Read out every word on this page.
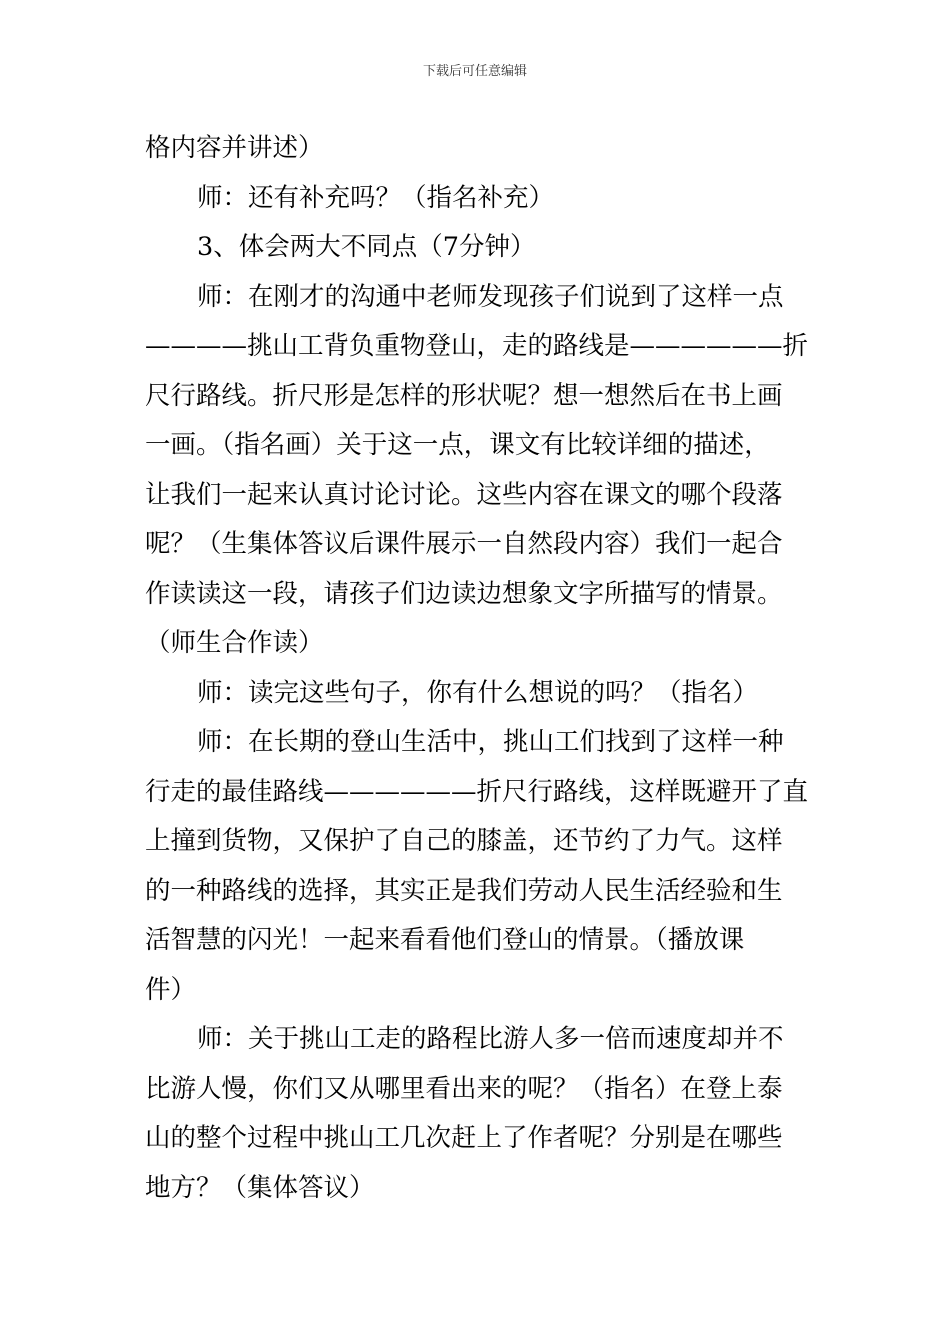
下载后可任意编辑
格内容并讲述）
师：还有补充吗？（指名补充）
3、体会两大不同点（7分钟）
师：在刚才的沟通中老师发现孩子们说到了这样一点
————挑山工背负重物登山，走的路线是——————折
尺行路线。折尺形是怎样的形状呢？想一想然后在书上画
一画。（指名画）关于这一点，课文有比较详细的描述，
让我们一起来认真讨论讨论。这些内容在课文的哪个段落
呢？（生集体答议后课件展示一自然段内容）我们一起合
作读读这一段，请孩子们边读边想象文字所描写的情景。
（师生合作读）
师：读完这些句子，你有什么想说的吗？（指名）
师：在长期的登山生活中，挑山工们找到了这样一种
行走的最佳路线——————折尺行路线，这样既避开了直
上撞到货物，又保护了自己的膝盖，还节约了力气。这样
的一种路线的选择，其实正是我们劳动人民生活经验和生
活智慧的闪光！一起来看看他们登山的情景。（播放课
件）
师：关于挑山工走的路程比游人多一倍而速度却并不
比游人慢，你们又从哪里看出来的呢？（指名）在登上泰
山的整个过程中挑山工几次赶上了作者呢？分别是在哪些
地方？（集体答议）
